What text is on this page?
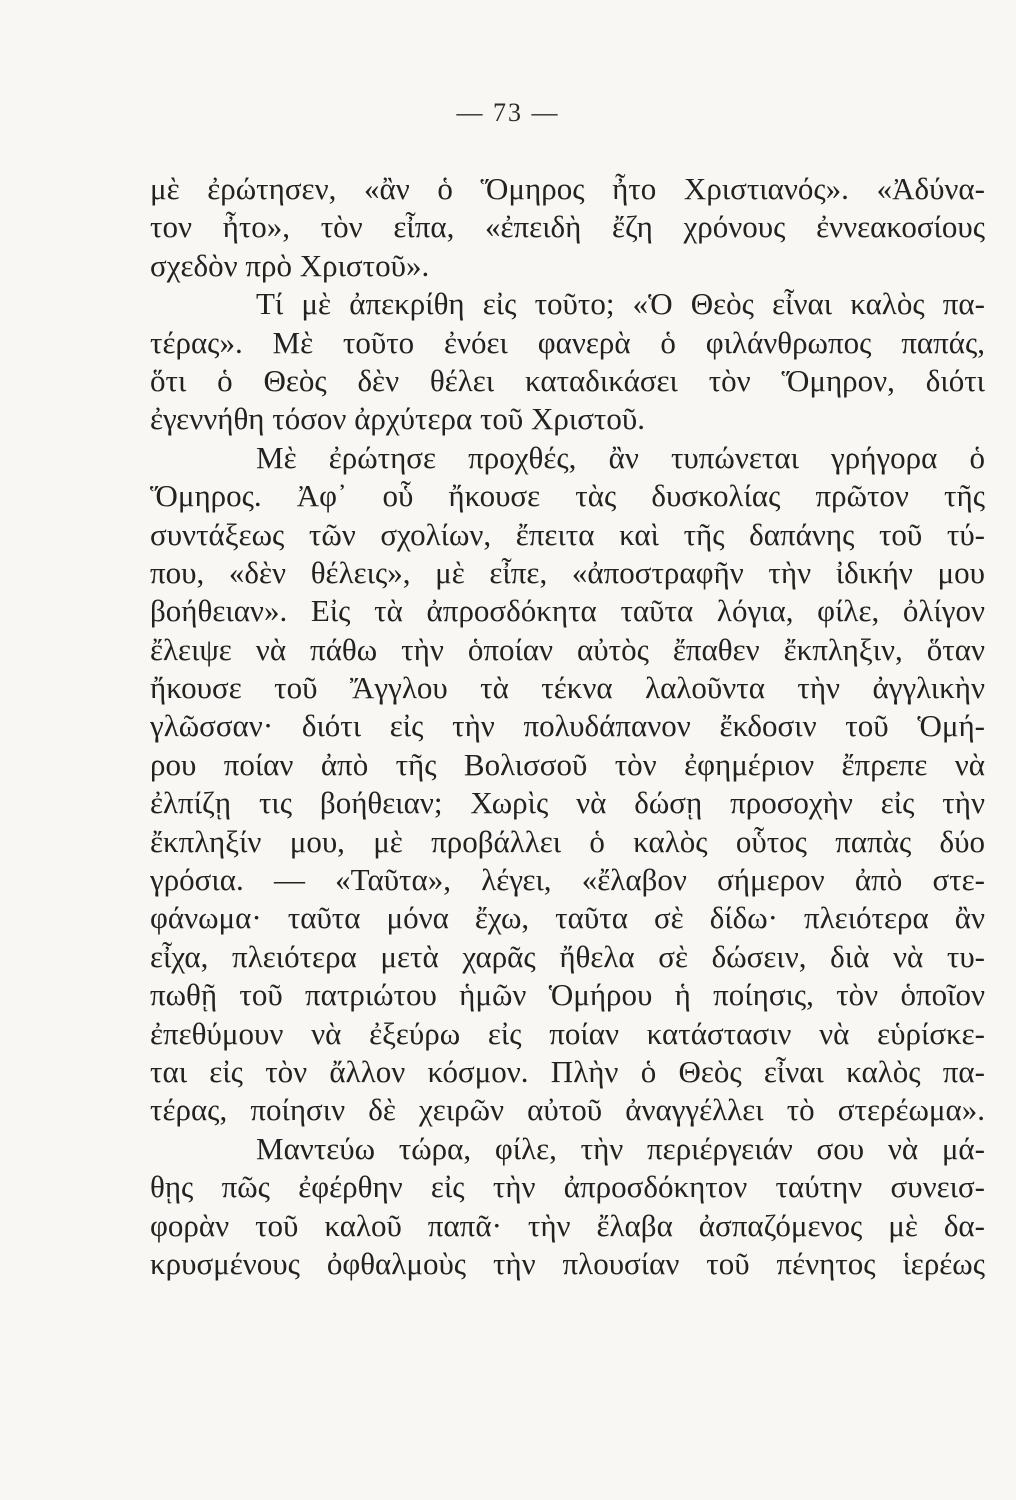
— 73 —
μὲ ἐρώτησεν, «ἂν ὁ Ὅμηρος ἦτο Χριστιανός». «Ἀδύνα-
τον ἦτο», τὸν εἶπα, «ἐπειδὴ ἔζη χρόνους ἐννεακοσίους
σχεδὸν πρὸ Χριστοῦ».
Τί μὲ ἀπεκρίθη εἰς τοῦτο; «Ὁ Θεὸς εἶναι καλὸς πα-
τέρας». Μὲ τοῦτο ἐνόει φανερὰ ὁ φιλάνθρωπος παπάς,
ὅτι ὁ Θεὸς δὲν θέλει καταδικάσει τὸν Ὅμηρον, διότι
ἐγεννήθη τόσον ἀρχύτερα τοῦ Χριστοῦ.
Μὲ ἐρώτησε προχθές, ἂν τυπώνεται γρήγορα ὁ
Ὅμηρος. Ἀφ᾿ οὗ ἤκουσε τὰς δυσκολίας πρῶτον τῆς
συντάξεως τῶν σχολίων, ἔπειτα καὶ τῆς δαπάνης τοῦ τύ-
που, «δὲν θέλεις», μὲ εἶπε, «ἀποστραφῆν τὴν ἰδικήν μου
βοήθειαν». Εἰς τὰ ἀπροσδόκητα ταῦτα λόγια, φίλε, ὀλίγον
ἔλειψε νὰ πάθω τὴν ὁποίαν αὐτὸς ἔπαθεν ἔκπληξιν, ὅταν
ἤκουσε τοῦ Ἄγγλου τὰ τέκνα λαλοῦντα τὴν ἀγγλικὴν
γλῶσσαν· διότι εἰς τὴν πολυδάπανον ἔκδοσιν τοῦ Ὁμή-
ρου ποίαν ἀπὸ τῆς Βολισσοῦ τὸν ἐφημέριον ἔπρεπε νὰ
ἐλπίζῃ τις βοήθειαν; Χωρὶς νὰ δώσῃ προσοχὴν εἰς τὴν
ἔκπληξίν μου, μὲ προβάλλει ὁ καλὸς οὗτος παπὰς δύο
γρόσια. — «Ταῦτα», λέγει, «ἔλαβον σήμερον ἀπὸ στε-
φάνωμα· ταῦτα μόνα ἔχω, ταῦτα σὲ δίδω· πλειότερα ἂν
εἶχα, πλειότερα μετὰ χαρᾶς ἤθελα σὲ δώσειν, διὰ νὰ τυ-
πωθῇ τοῦ πατριώτου ἡμῶν Ὁμήρου ἡ ποίησις, τὸν ὁποῖον
ἐπεθύμουν νὰ ἐξεύρω εἰς ποίαν κατάστασιν νὰ εὑρίσκε-
ται εἰς τὸν ἄλλον κόσμον. Πλὴν ὁ Θεὸς εἶναι καλὸς πα-
τέρας, ποίησιν δὲ χειρῶν αὐτοῦ ἀναγγέλλει τὸ στερέωμα».
Μαντεύω τώρα, φίλε, τὴν περιέργειάν σου νὰ μά-
θῃς πῶς ἐφέρθην εἰς τὴν ἀπροσδόκητον ταύτην συνεισ-
φορὰν τοῦ καλοῦ παπᾶ· τὴν ἔλαβα ἀσπαζόμενος μὲ δα-
κρυσμένους ὀφθαλμοὺς τὴν πλουσίαν τοῦ πένητος ἱερέως
